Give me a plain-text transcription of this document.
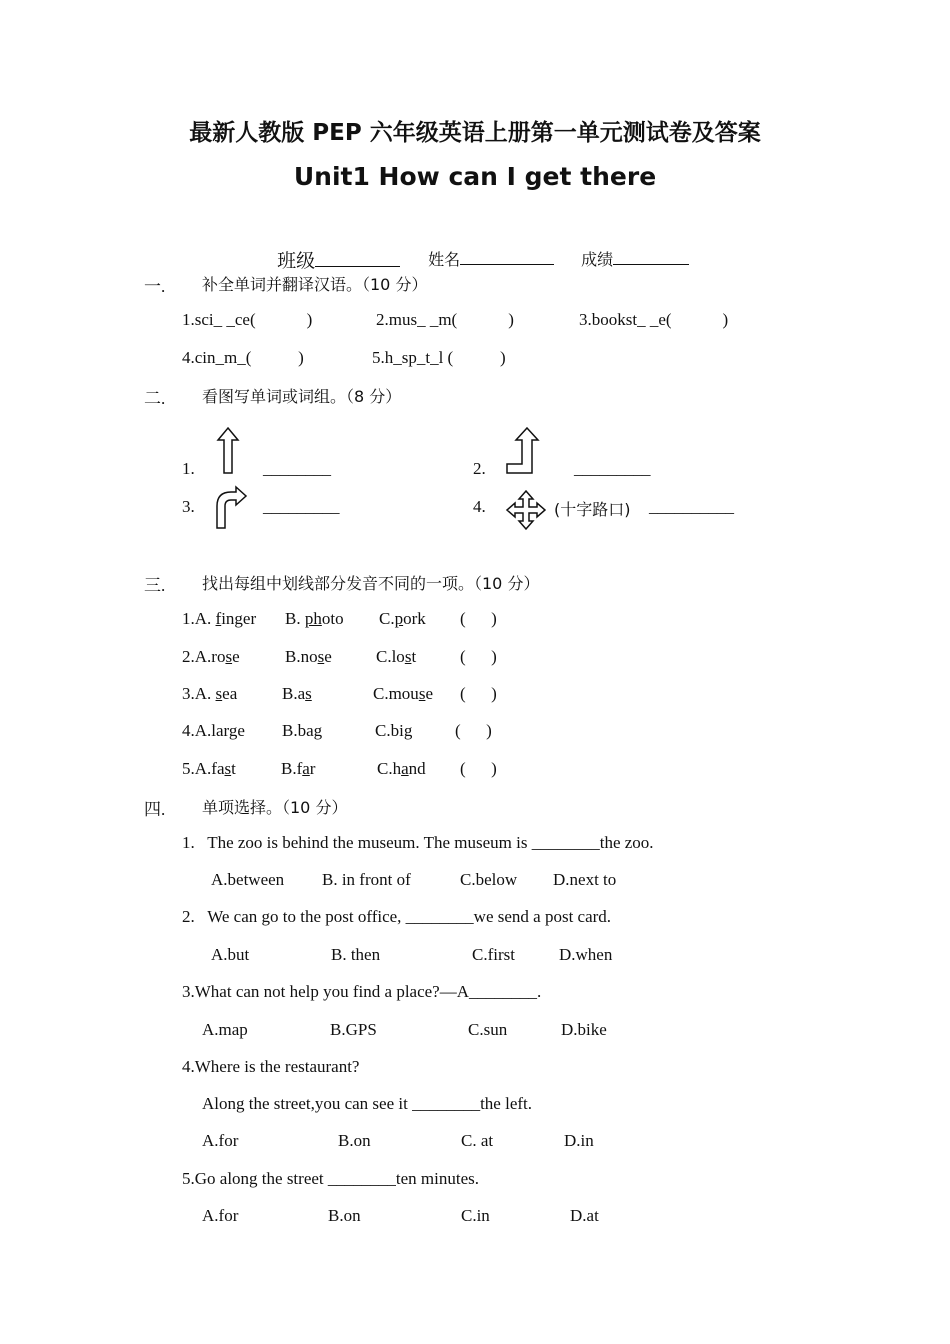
最新人教版 PEP 六年级英语上册第一单元测试卷及答案
Unit1 How can I get there

班级	姓名	成绩

一. 补全单词并翻译汉语。（10 分）
1.sci_ _ce(            )	2.mus_ _m(            )	3.bookst_ _e(            )
4.cin_m_(           )	5.h_sp_t_l (           )
二. 看图写单词或词组。（8 分）
1.	________	2.	_________
3.	_________	4.	(十字路口) __________
三. 找出每组中划线部分发音不同的一项。（10 分）
1.A. finger B. photo C.pork (      )
2.A.rose	B.nose	C.lost	(      )
3.A. sea	B.as	C.mouse (      )
4.A.large B.bag	C.big	(      )
5.A.fast	B.far	C.hand (      )
四. 单项选择。（10 分）
1.   The zoo is behind the museum. The museum is ________the zoo.
A.between B. in front of	C.below D.next to
2.   We can go to the post office, ________we send a post card.
A.but	B. then	C.first	D.when
3.What can not help you find a place?—A________.
A.map	B.GPS	C.sun	D.bike
4.Where is the restaurant?
Along the street,you can see it ________the left.
A.for	B.on	C. at	D.in
5.Go along the street ________ten minutes.
A.for	B.on	C.in	D.at
